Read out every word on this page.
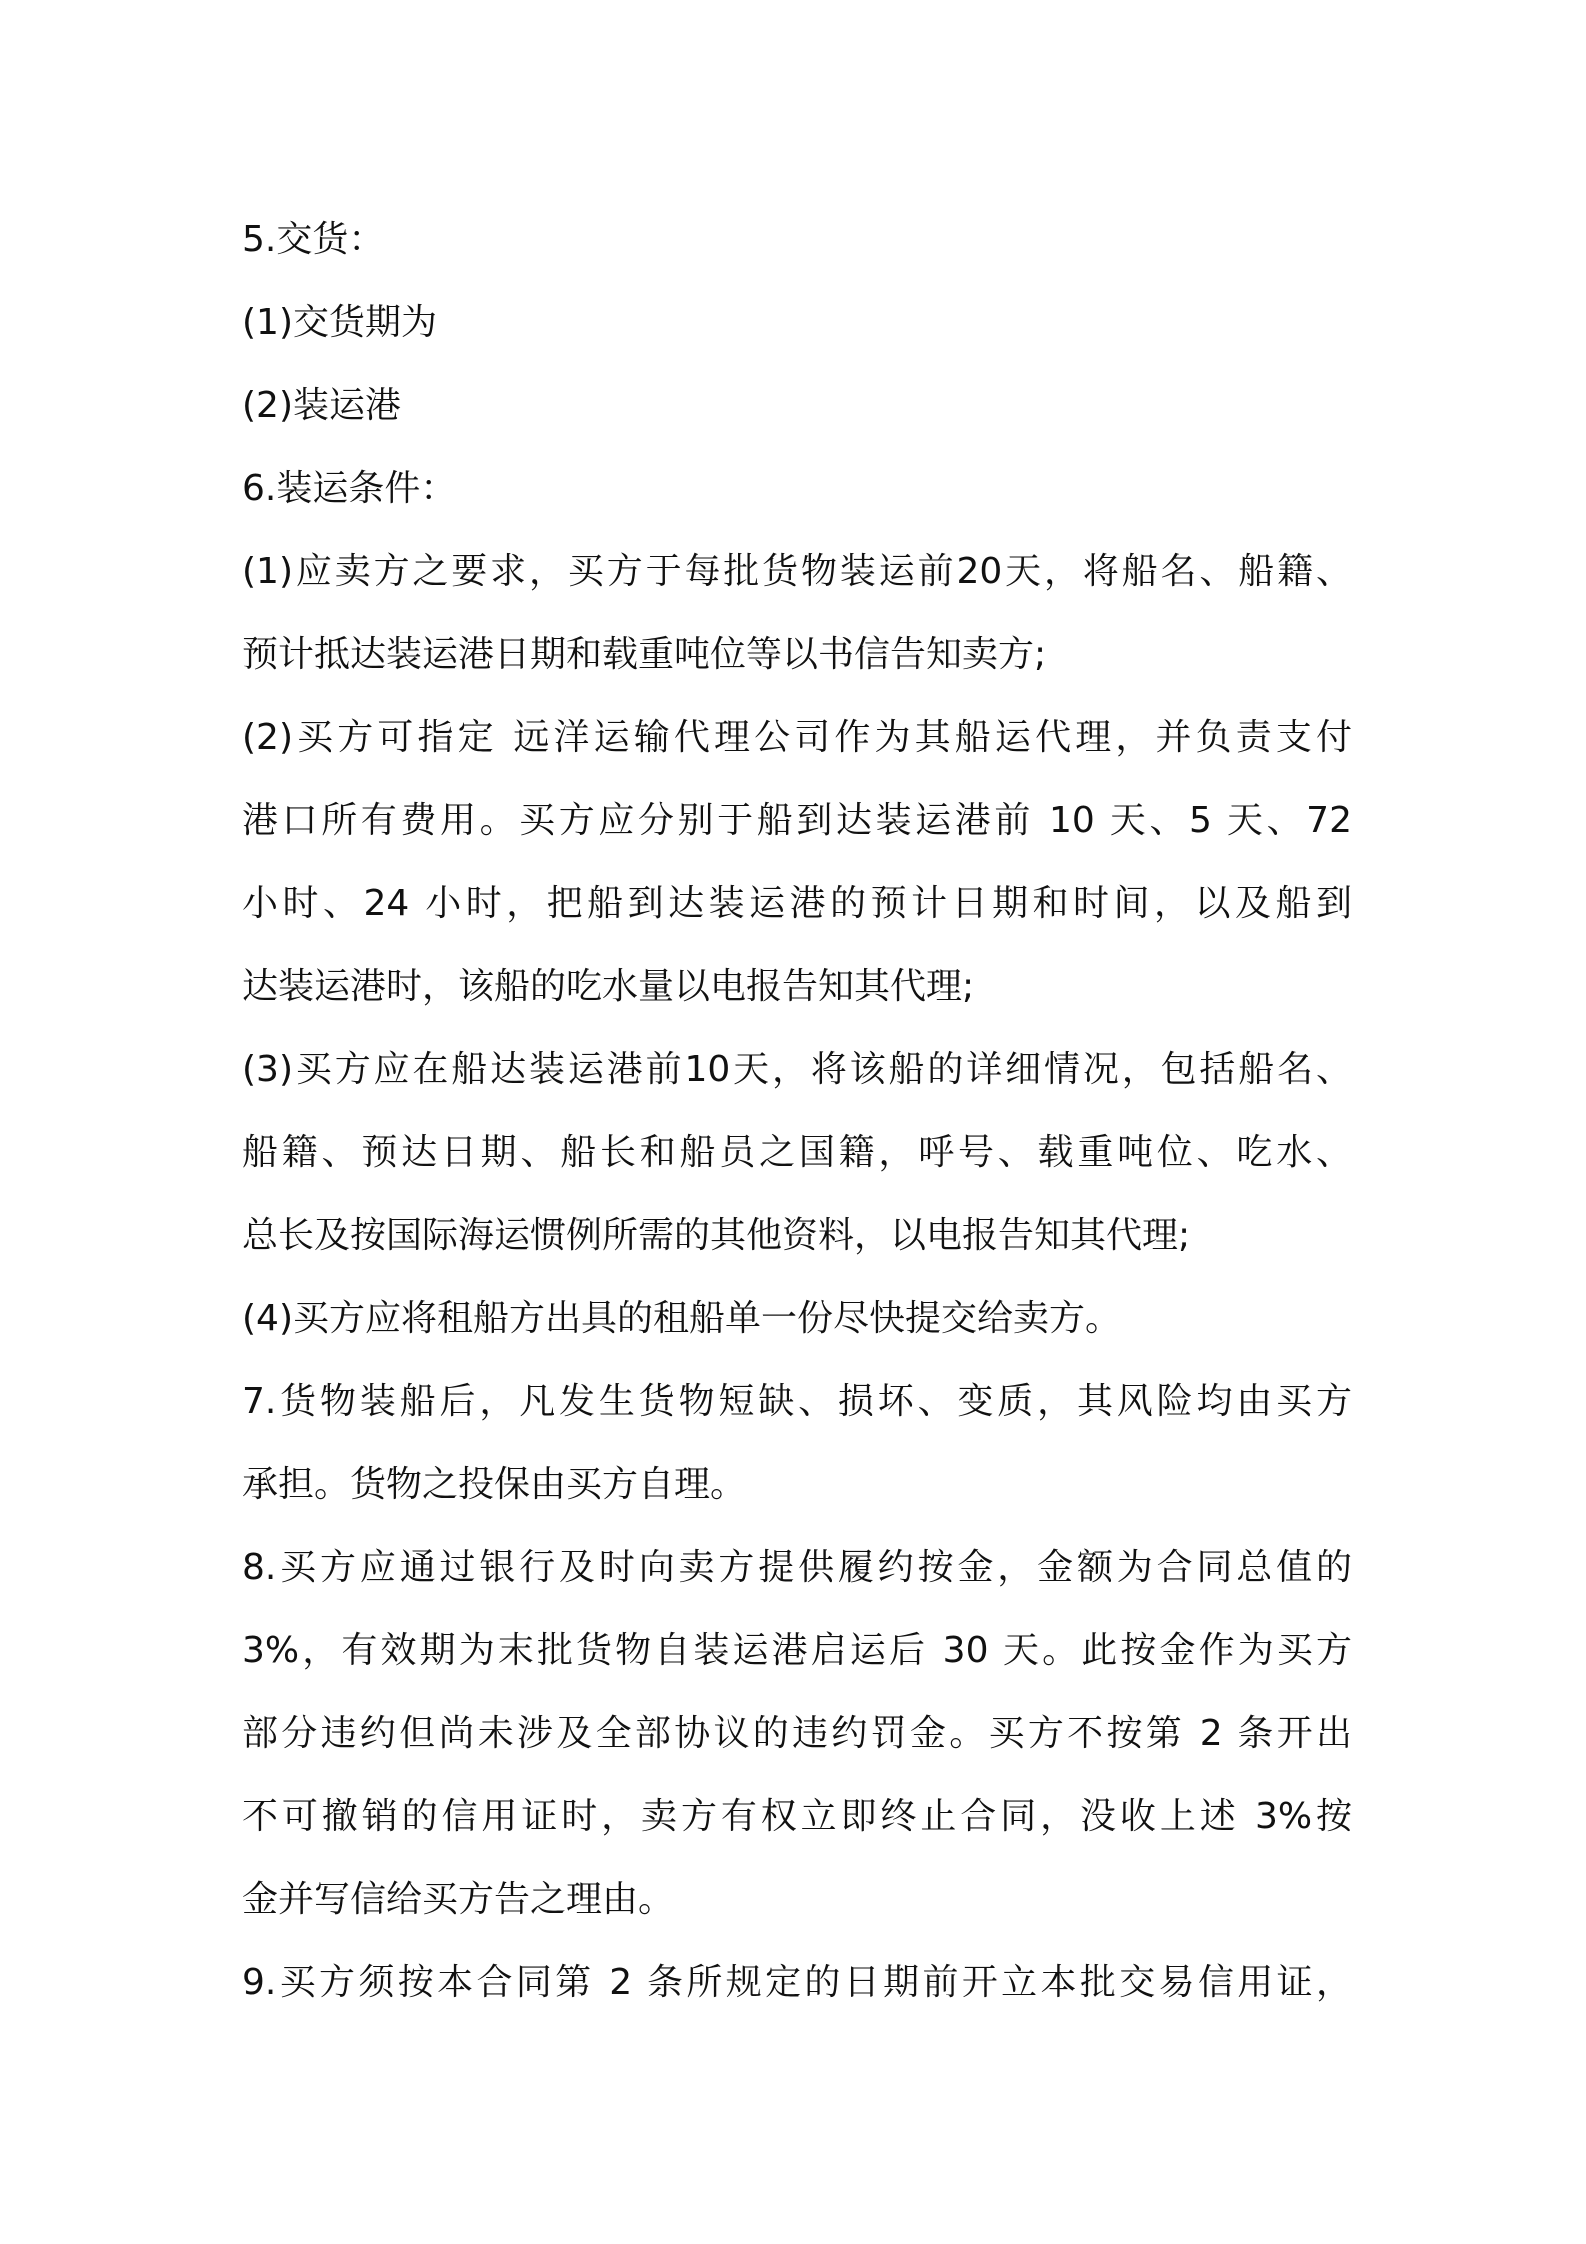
5.交货：
(1)交货期为
(2)装运港
6.装运条件：
(1)应卖方之要求，买方于每批货物装运前20天，将船名、船籍、
预计抵达装运港日期和载重吨位等以书信告知卖方;
(2)买方可指定 远洋运输代理公司作为其船运代理，并负责支付
港口所有费用。买方应分别于船到达装运港前 10 天、5 天、72
小时、24 小时，把船到达装运港的预计日期和时间，以及船到
达装运港时，该船的吃水量以电报告知其代理;
(3)买方应在船达装运港前10天，将该船的详细情况，包括船名、
船籍、预达日期、船长和船员之国籍，呼号、载重吨位、吃水、
总长及按国际海运惯例所需的其他资料，以电报告知其代理;
(4)买方应将租船方出具的租船单一份尽快提交给卖方。
7.货物装船后，凡发生货物短缺、损坏、变质，其风险均由买方
承担。货物之投保由买方自理。
8.买方应通过银行及时向卖方提供履约按金，金额为合同总值的
3%，有效期为末批货物自装运港启运后 30 天。此按金作为买方
部分违约但尚未涉及全部协议的违约罚金。买方不按第 2 条开出
不可撤销的信用证时，卖方有权立即终止合同，没收上述 3%按
金并写信给买方告之理由。
9.买方须按本合同第 2 条所规定的日期前开立本批交易信用证，
